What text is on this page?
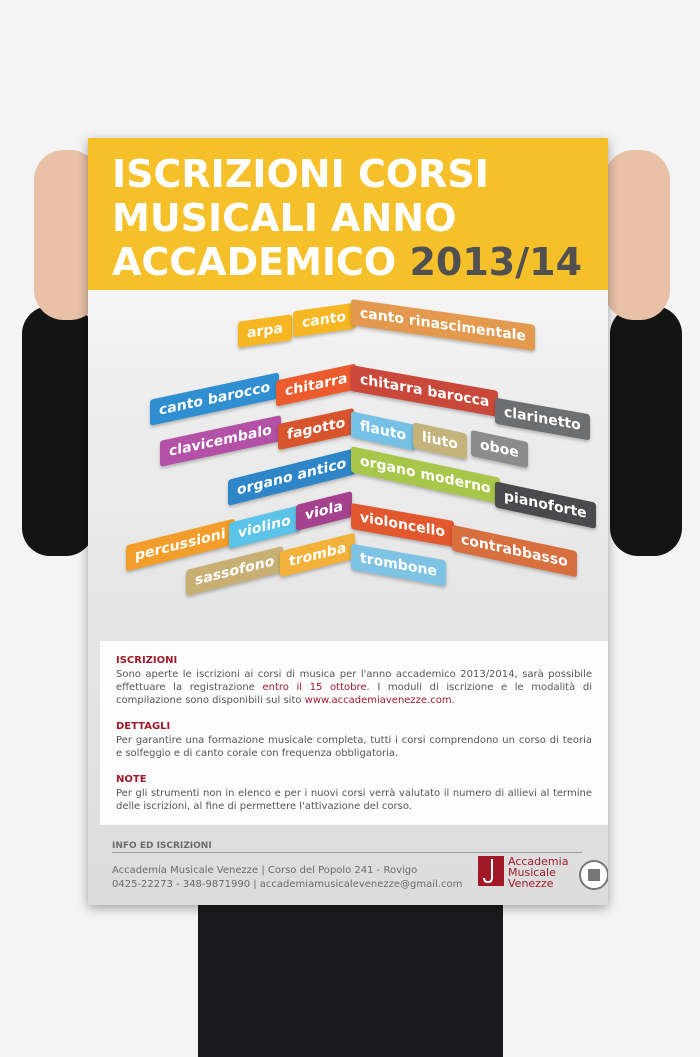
ISCRIZIONI CORSI
MUSICALI ANNO
ACCADEMICO 2013/14
arpa	canto canto rinascimentale
canto barocco	chitarra chitarra barocca
clarinetto
clavicembalo	fagotto	flauto	liuto	oboe
organo antico organo moderno
pianoforte
percussioni violino
viola	violoncello
contrabbasso
sassofono	tromba trombone
ISCRIZIONI
Sono aperte le iscrizioni ai corsi di musica per l'anno accademico 2013/2014, sarà possibile effettuare la registrazione entro il 15 ottobre. I moduli di iscrizione e le modalità di compilazione sono disponibili sul sito www.accademiavenezze.com.
DETTAGLI
Per garantire una formazione musicale completa, tutti i corsi comprendono un corso di teoria e solfeggio e di canto corale con frequenza obbligatoria.
NOTE
Per gli strumenti non in elenco e per i nuovi corsi verrà valutato il numero di allievi al termine delle iscrizioni, al fine di permettere l'attivazione del corso.
INFO ED ISCRIZIONI
Accademia Musicale Venezze | Corso del Popolo 241 - Rovigo
0425-22273 - 348-9871990 | accademiamusicalevenezze@gmail.com
Accademia
Musicale
Venezze
